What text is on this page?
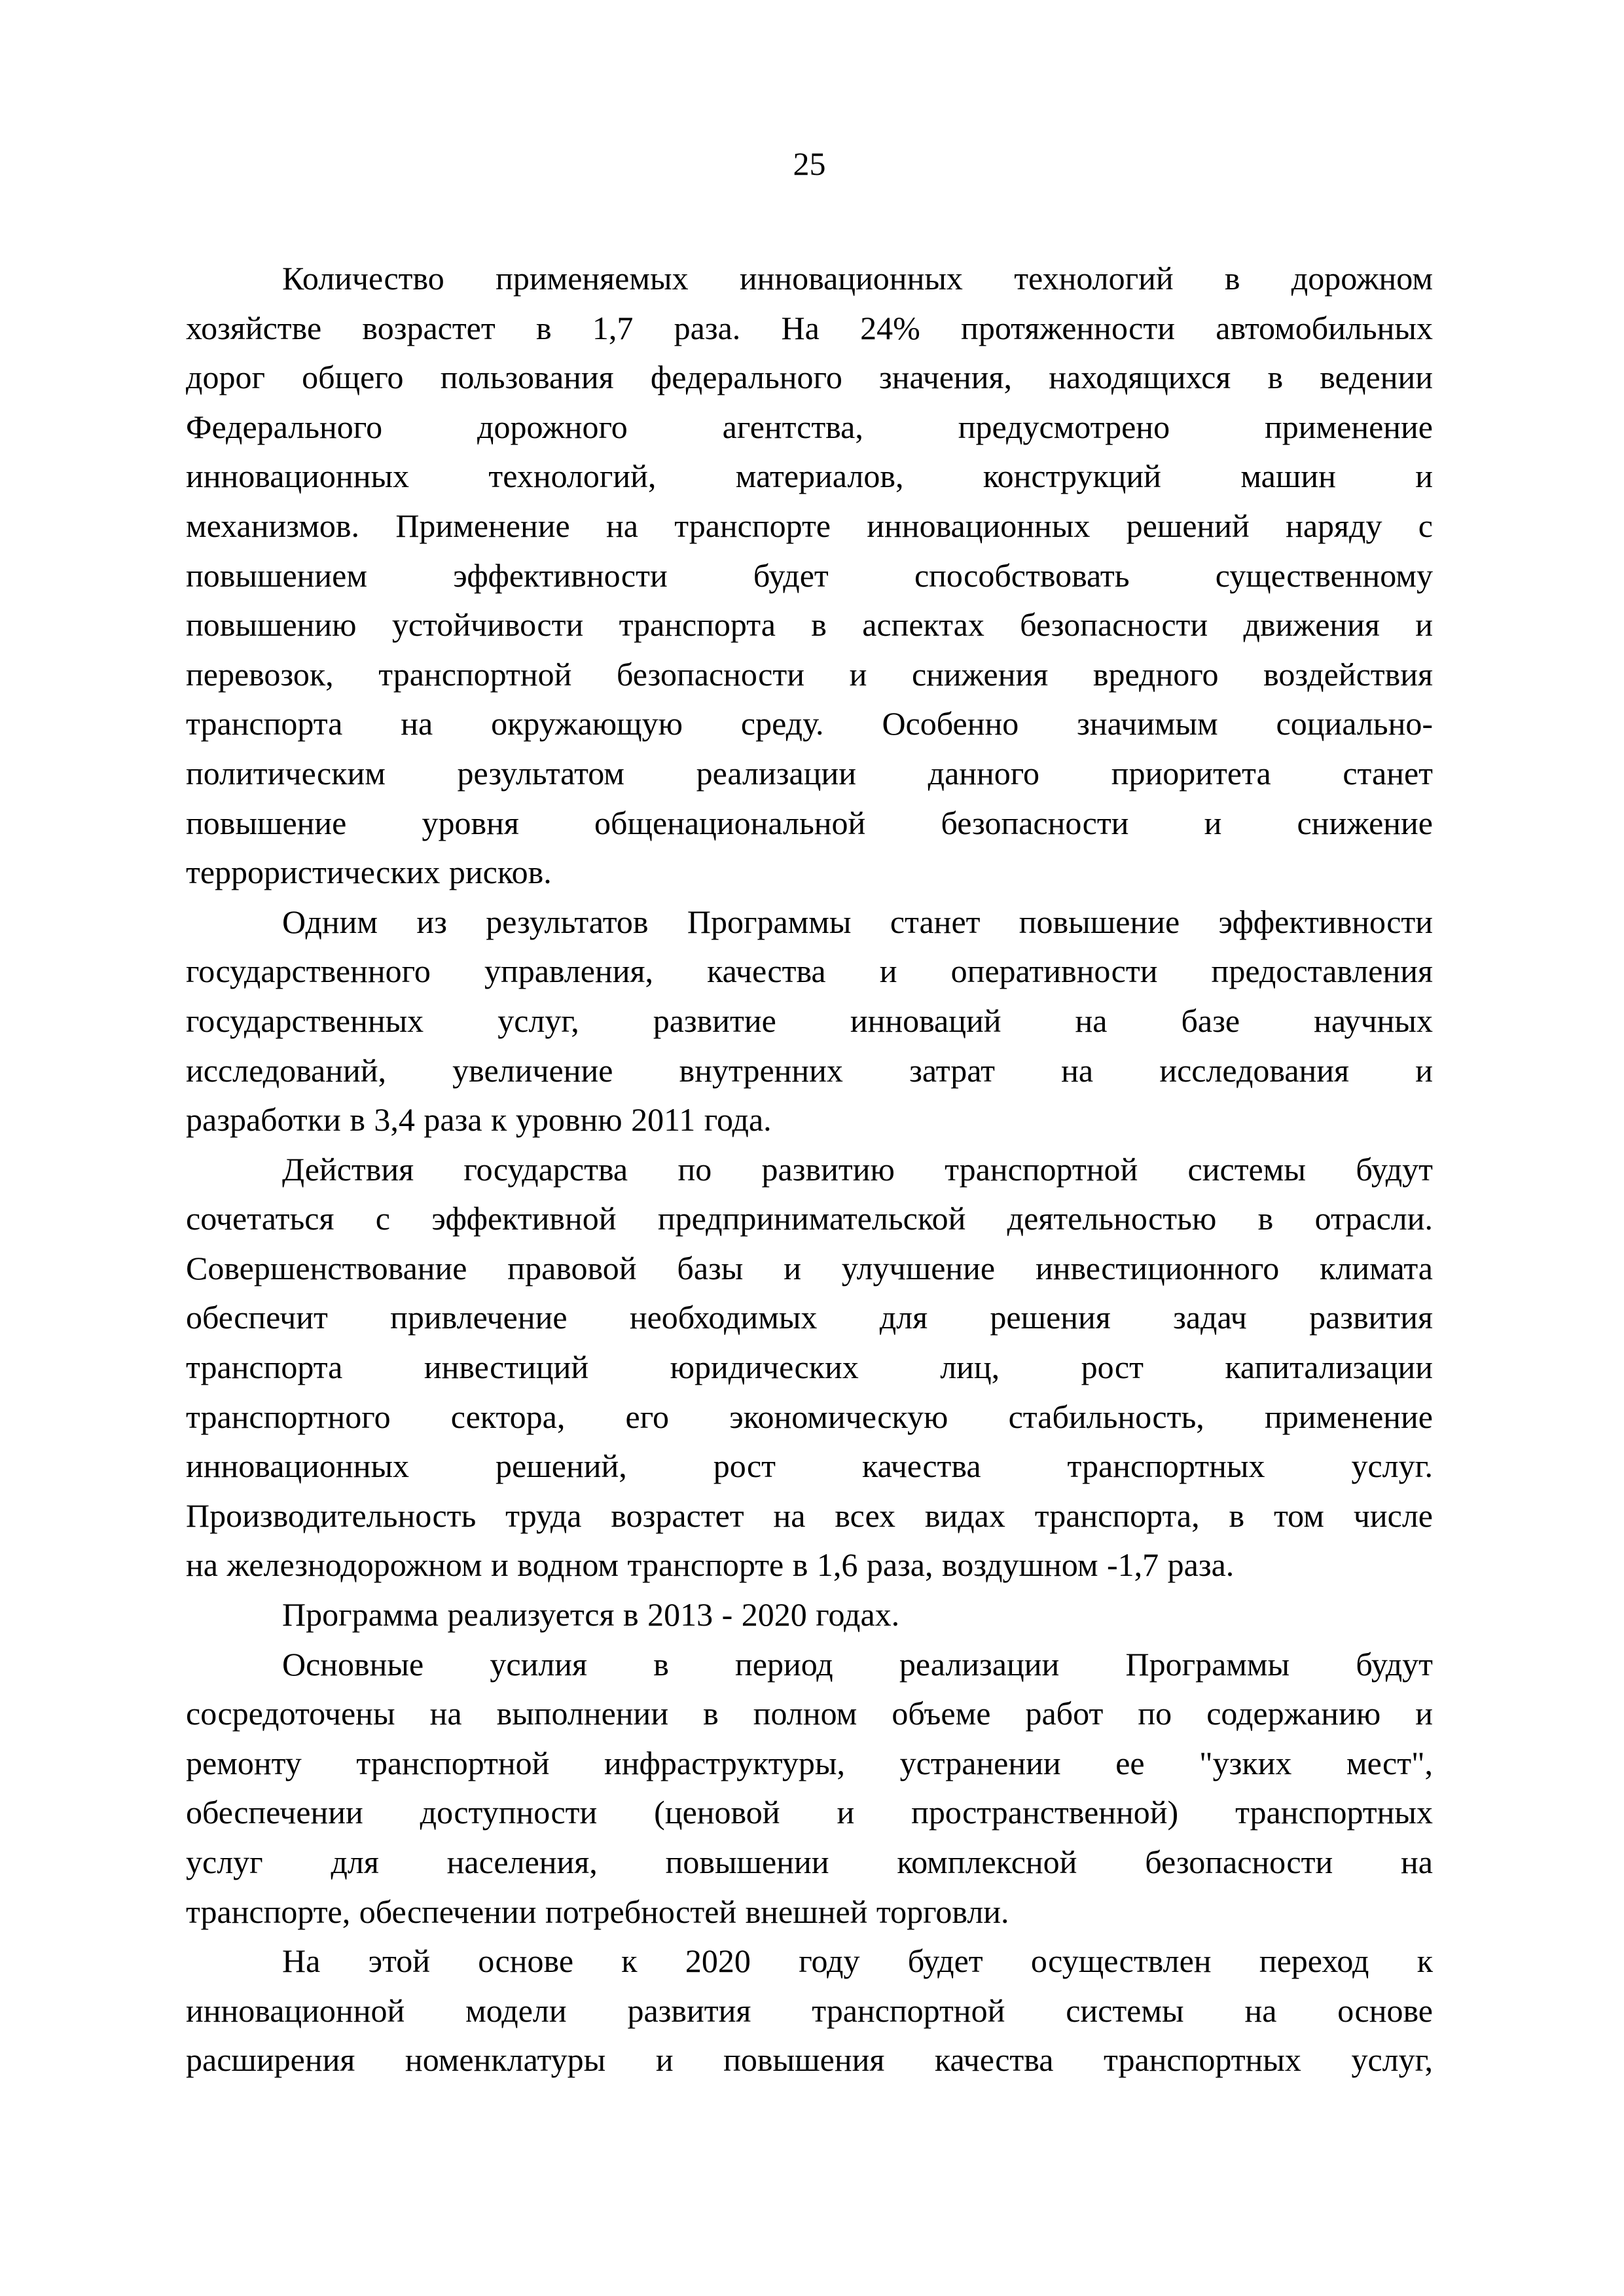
25
Количество применяемых инновационных технологий в дорожном
хозяйстве возрастет в 1,7 раза. На 24% протяженности автомобильных
дорог общего пользования федерального значения, находящихся в ведении
Федерального дорожного агентства, предусмотрено применение
инновационных технологий, материалов, конструкций машин и
механизмов. Применение на транспорте инновационных решений наряду с
повышением эффективности будет способствовать существенному
повышению устойчивости транспорта в аспектах безопасности движения и
перевозок, транспортной безопасности и снижения вредного воздействия
транспорта на окружающую среду. Особенно значимым социально-
политическим результатом реализации данного приоритета станет
повышение уровня общенациональной безопасности и снижение
террористических рисков.
Одним из результатов Программы станет повышение эффективности
государственного управления, качества и оперативности предоставления
государственных услуг, развитие инноваций на базе научных
исследований, увеличение внутренних затрат на исследования и
разработки в 3,4 раза к уровню 2011 года.
Действия государства по развитию транспортной системы будут
сочетаться с эффективной предпринимательской деятельностью в отрасли.
Совершенствование правовой базы и улучшение инвестиционного климата
обеспечит привлечение необходимых для решения задач развития
транспорта инвестиций юридических лиц, рост капитализации
транспортного сектора, его экономическую стабильность, применение
инновационных решений, рост качества транспортных услуг.
Производительность труда возрастет на всех видах транспорта, в том числе
на железнодорожном и водном транспорте в 1,6 раза, воздушном -1,7 раза.
Программа реализуется в 2013 - 2020 годах.
Основные усилия в период реализации Программы будут
сосредоточены на выполнении в полном объеме работ по содержанию и
ремонту транспортной инфраструктуры, устранении ее "узких мест",
обеспечении доступности (ценовой и пространственной) транспортных
услуг для населения, повышении комплексной безопасности на
транспорте, обеспечении потребностей внешней торговли.
На этой основе к 2020 году будет осуществлен переход к
инновационной модели развития транспортной системы на основе
расширения номенклатуры и повышения качества транспортных услуг,
